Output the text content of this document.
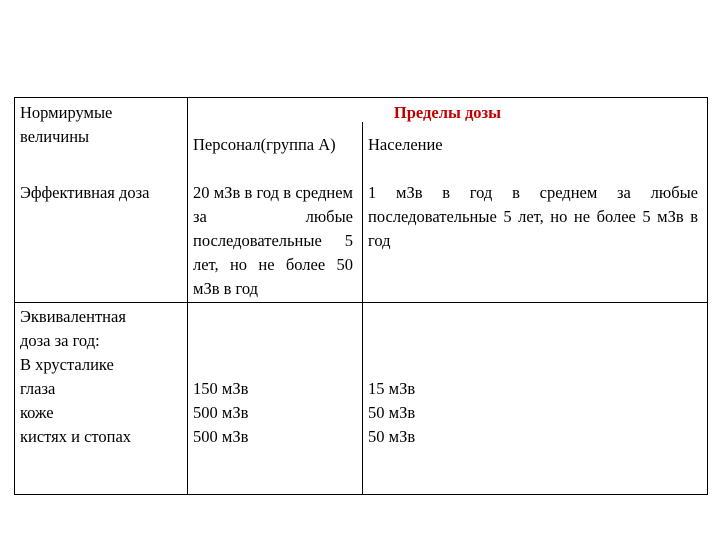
Нормирумые величины
Пределы дозы
Персонал(группа А)	Население
Эффективная доза	20 мЗв в год в среднем за любые последовательные 5 лет, но не более 50 мЗв в год
1 мЗв в год в среднем за любые последовательные 5 лет, но не более 5 мЗв в год
Эквивалентная
доза за год:
В хрусталике
глаза
коже
кистях и стопах
150 мЗв
500 мЗв
500 мЗв
15 мЗв
50 мЗв
50 мЗв
